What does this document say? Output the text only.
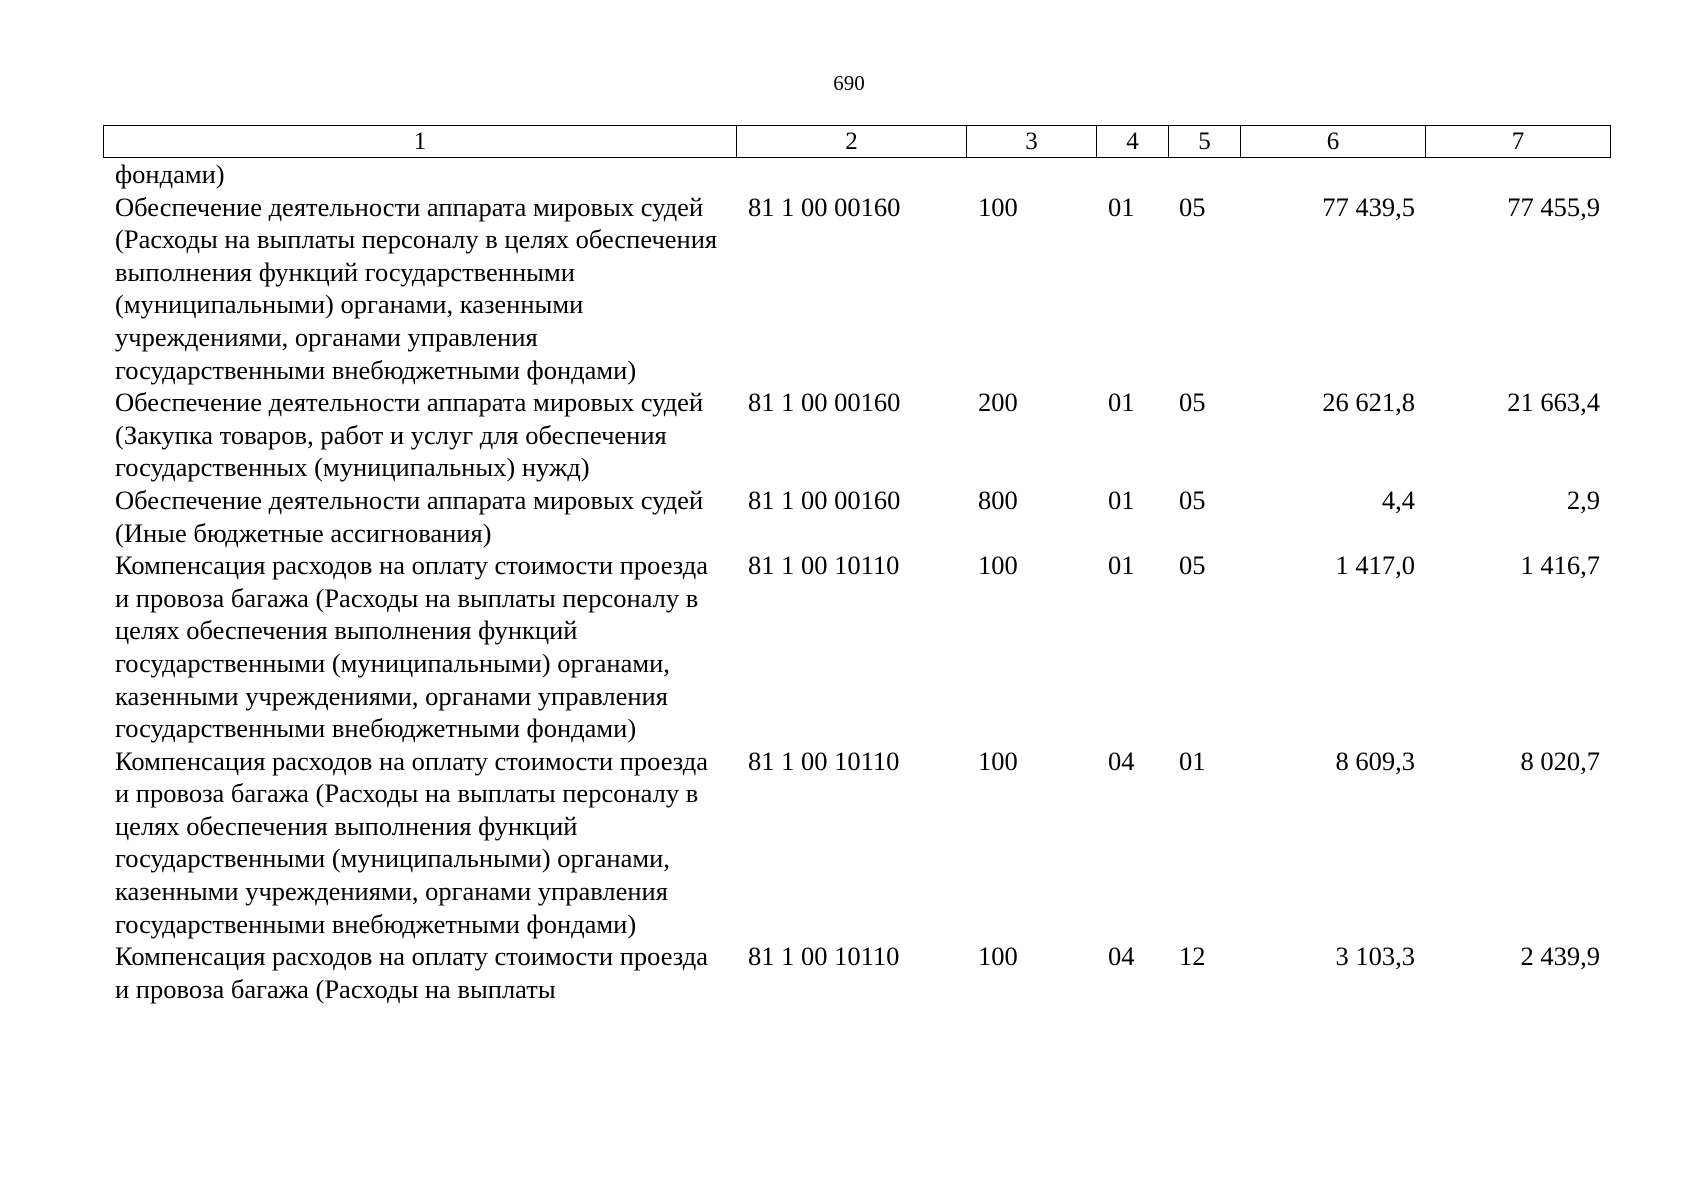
690
1	2	3	4	5	6	7
фондами)						
Обеспечение деятельности аппарата мировых судей (Расходы на выплаты персоналу в целях обеспечения выполнения функций государственными (муниципальными) органами, казенными учреждениями, органами управления государственными внебюджетными фондами)	81 1 00 00160	100	01	05	77 439,5	77 455,9
Обеспечение деятельности аппарата мировых судей (Закупка товаров, работ и услуг для обеспечения государственных (муниципальных) нужд)	81 1 00 00160	200	01	05	26 621,8	21 663,4
Обеспечение деятельности аппарата мировых судей (Иные бюджетные ассигнования)	81 1 00 00160	800	01	05	4,4	2,9
Компенсация расходов на оплату стоимости проезда и провоза багажа (Расходы на выплаты персоналу в целях обеспечения выполнения функций государственными (муниципальными) органами, казенными учреждениями, органами управления государственными внебюджетными фондами)	81 1 00 10110	100	01	05	1 417,0	1 416,7
Компенсация расходов на оплату стоимости проезда и провоза багажа (Расходы на выплаты персоналу в целях обеспечения выполнения функций государственными (муниципальными) органами, казенными учреждениями, органами управления государственными внебюджетными фондами)	81 1 00 10110	100	04	01	8 609,3	8 020,7
Компенсация расходов на оплату стоимости проезда и провоза багажа (Расходы на выплаты	81 1 00 10110	100	04	12	3 103,3	2 439,9
